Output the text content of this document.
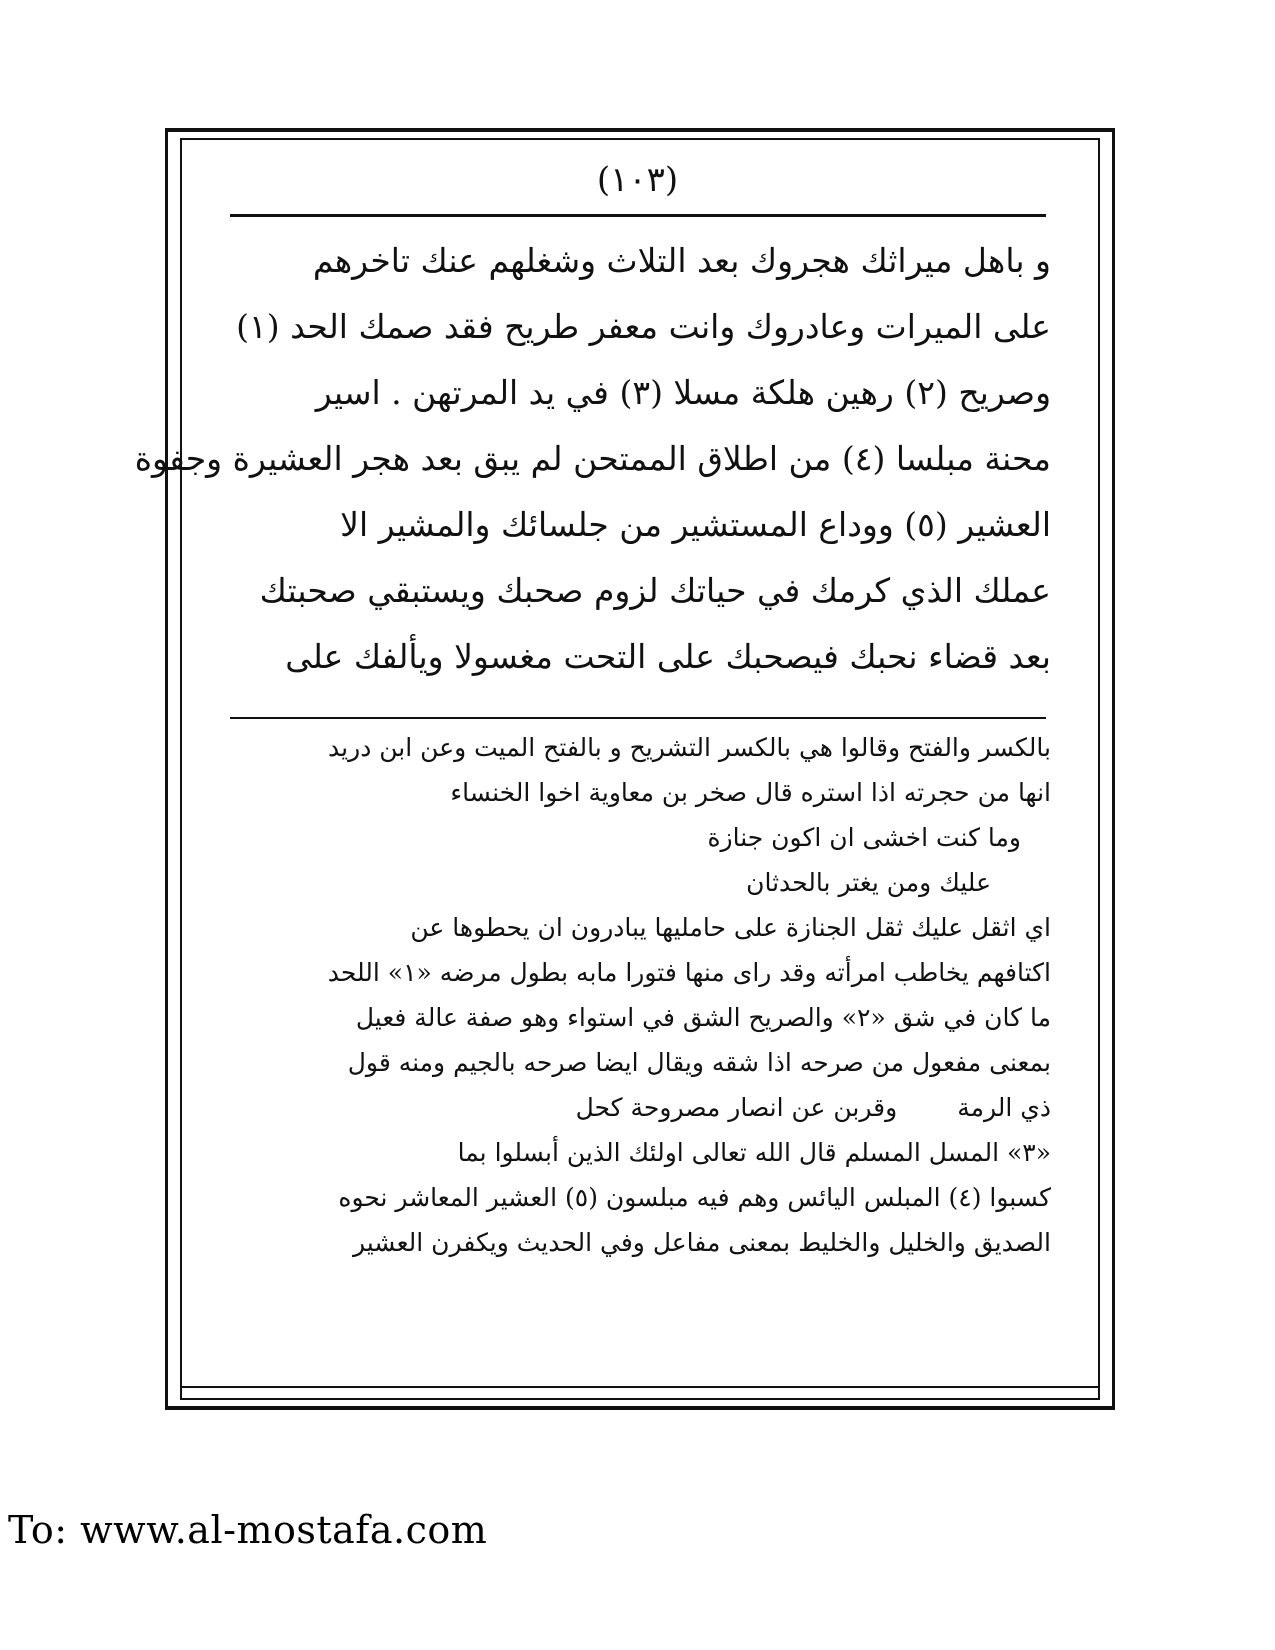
(١٠٣)
و باهل ميراثك هجروك بعد التلاث وشغلهم عنك تاخرهم
على الميرات وعادروك وانت معفر طريح فقد صمك الحد (١)
وصريح (٢) رهين هلكة مسلا (٣) في يد المرتهن . اسير
محنة مبلسا (٤) من اطلاق الممتحن لم يبق بعد هجر العشيرة وجفوة
العشير (٥) ووداع المستشير من جلسائك والمشير الا
عملك الذي كرمك في حياتك لزوم صحبك ويستبقي صحبتك
بعد قضاء نحبك فيصحبك على التحت مغسولا ويألفك على
بالكسر والفتح وقالوا هي بالكسر التشريح و بالفتح الميت وعن ابن دريد
انها من حجرته اذا استره قال صخر بن معاوية اخوا الخنساء
وما كنت اخشى ان اكون جنازة
عليك ومن يغتر بالحدثان
اي اثقل عليك ثقل الجنازة على حامليها يبادرون ان يحطوها عن
اكتافهم يخاطب امرأته وقد راى منها فتورا مابه بطول مرضه «١» اللحد
ما كان في شق «٢» والصريح الشق في استواء وهو صفة عالة فعيل
بمعنى مفعول من صرحه اذا شقه ويقال ايضا صرحه بالجيم ومنه قول
ذي الرمة
وقربن عن انصار مصروحة كحل
«٣» المسل المسلم قال الله تعالى اولئك الذين أبسلوا بما
كسبوا (٤) المبلس اليائس وهم فيه مبلسون (٥) العشير المعاشر نحوه
الصديق والخليل والخليط بمعنى مفاعل وفي الحديث ويكفرن العشير
To: www.al-mostafa.com
